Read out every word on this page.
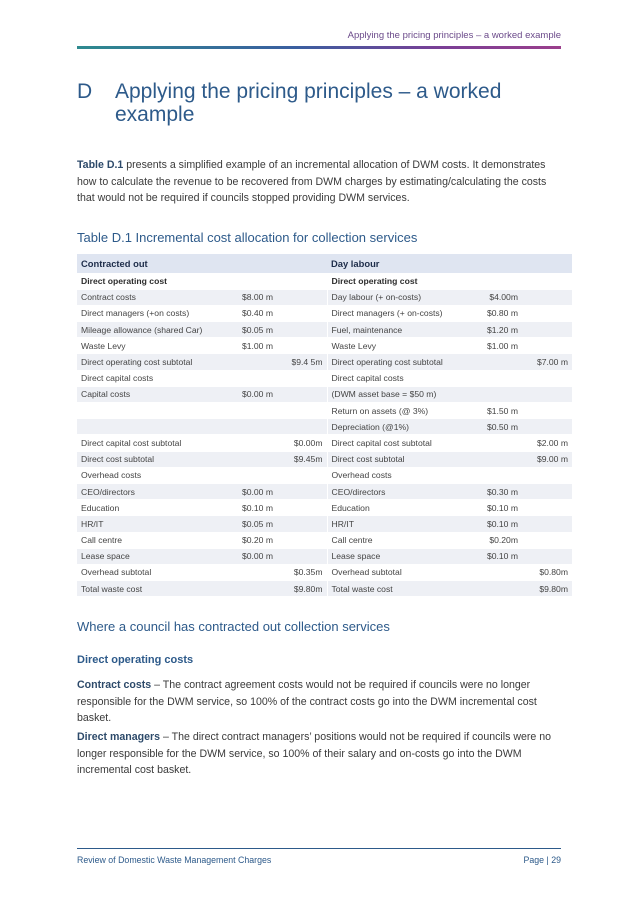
Applying the pricing principles – a worked example
D	Applying the pricing principles – a worked example

Table D.1 presents a simplified example of an incremental allocation of DWM costs. It demonstrates how to calculate the revenue to be recovered from DWM charges by estimating/calculating the costs that would not be required if councils stopped providing DWM services.

Table D.1 Incremental cost allocation for collection services
Contracted out			Day labour		
Direct operating cost			Direct operating cost		
Contract costs	$8.00 m		Day labour (+ on-costs)	$4.00m	
Direct managers (+on costs)	$0.40 m		Direct managers (+ on-costs)	$0.80 m	
Mileage allowance (shared Car)	$0.05 m		Fuel, maintenance	$1.20 m	
Waste Levy	$1.00 m		Waste Levy	$1.00 m	
Direct operating cost subtotal		$9.4 5m	Direct operating cost subtotal		$7.00 m
Direct capital costs			Direct capital costs		
Capital costs	$0.00 m		(DWM asset base = $50 m)		
			Return on assets (@ 3%)	$1.50 m	
			Depreciation (@1%)	$0.50 m	
Direct capital cost subtotal		$0.00m	Direct capital cost subtotal		$2.00 m
Direct cost subtotal		$9.45m	Direct cost subtotal		$9.00 m
Overhead costs			Overhead costs		
CEO/directors	$0.00 m		CEO/directors	$0.30 m	
Education	$0.10 m		Education	$0.10 m	
HR/IT	$0.05 m		HR/IT	$0.10 m	
Call centre	$0.20 m		Call centre	$0.20m	
Lease space	$0.00 m		Lease space	$0.10 m	
Overhead subtotal		$0.35m	Overhead subtotal		$0.80m
Total waste cost		$9.80m	Total waste cost		$9.80m
Where a council has contracted out collection services
Direct operating costs

Contract costs – The contract agreement costs would not be required if councils were no longer responsible for the DWM service, so 100% of the contract costs go into the DWM incremental cost basket.

Direct managers – The direct contract managers’ positions would not be required if councils were no longer responsible for the DWM service, so 100% of their salary and on-costs go into the DWM incremental cost basket.

Review of Domestic Waste Management Charges	Page | 29
